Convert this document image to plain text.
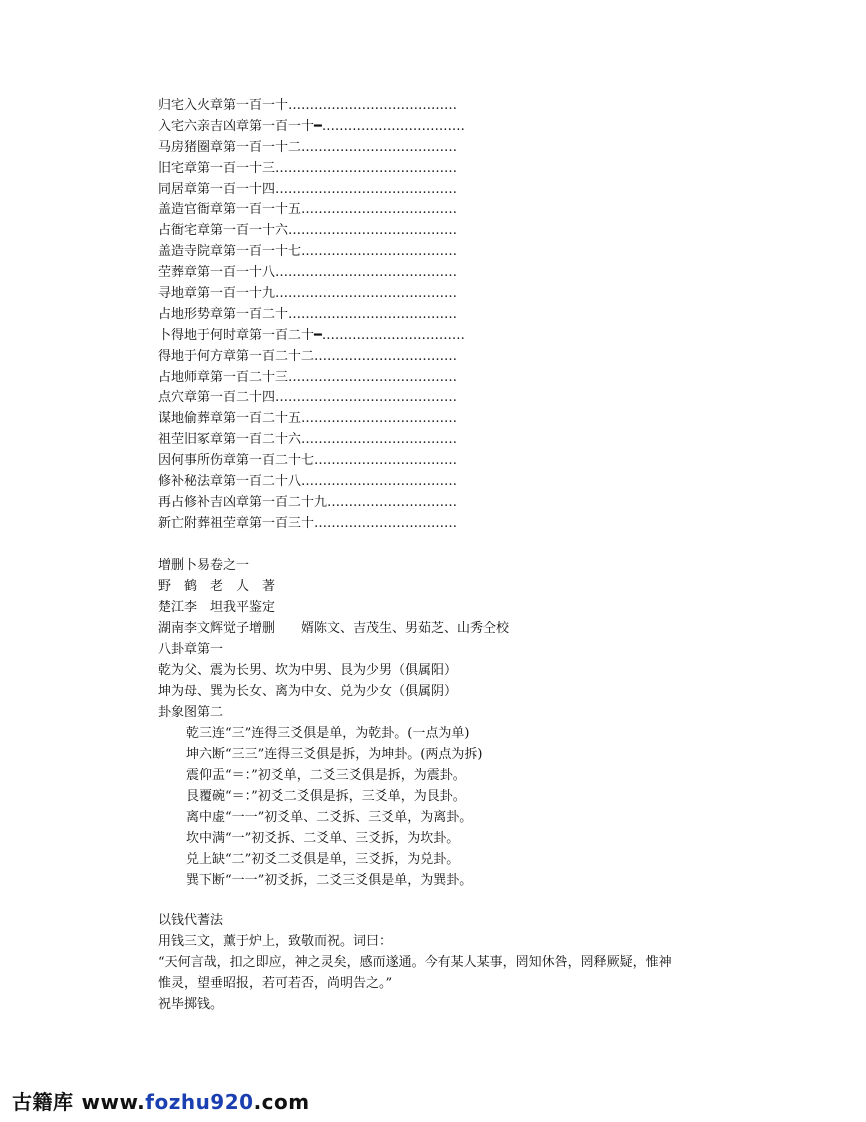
归宅入火章第一百一十…………………………………
入宅六亲吉凶章第一百一十━……………………………
马房猪圈章第一百一十二………………………………
旧宅章第一百一十三……………………………………
同居章第一百一十四……………………………………
盖造官衙章第一百一十五………………………………
占衙宅章第一百一十六…………………………………
盖造寺院章第一百一十七………………………………
茔葬章第一百一十八……………………………………
寻地章第一百一十九……………………………………
占地形势章第一百二十…………………………………
卜得地于何时章第一百二十━……………………………
得地于何方章第一百二十二……………………………
占地师章第一百二十三…………………………………
点穴章第一百二十四……………………………………
谋地偷葬章第一百二十五………………………………
祖茔旧冢章第一百二十六………………………………
因何事所伤章第一百二十七……………………………
修补秘法章第一百二十八………………………………
再占修补吉凶章第一百二十九…………………………
新亡附葬祖茔章第一百三十……………………………
增删卜易卷之一
野　鹤　老　人　著
楚江李　坦我平鉴定
湖南李文辉觉子增删　　婿陈文、吉茂生、男茹芝、山秀仝校
八卦章第一
乾为父、震为长男、坎为中男、艮为少男（俱属阳）
坤为母、巽为长女、离为中女、兑为少女（俱属阴）
卦象图第二
乾三连“三”连得三爻俱是单，为乾卦。(一点为单)
坤六断“三三”连得三爻俱是拆，为坤卦。(两点为拆)
震仰盂“＝：”初爻单，二爻三爻俱是拆，为震卦。
艮覆碗“＝：”初爻二爻俱是拆，三爻单，为艮卦。
离中虚“一一”初爻单、二爻拆、三爻单，为离卦。
坎中满“一”初爻拆、二爻单、三爻拆，为坎卦。
兑上缺“二”初爻二爻俱是单，三爻拆，为兑卦。
巽下断“一一”初爻拆，二爻三爻俱是单，为巽卦。
以钱代蓍法
用钱三文，薰于炉上，致敬而祝。词曰：
“天何言哉，扣之即应，神之灵矣，感而遂通。今有某人某事，罔知休咎，罔释厥疑，惟神
惟灵，望垂昭报，若可若否，尚明告之。”
祝毕掷钱。
古籍库 www.fozhu920.com
